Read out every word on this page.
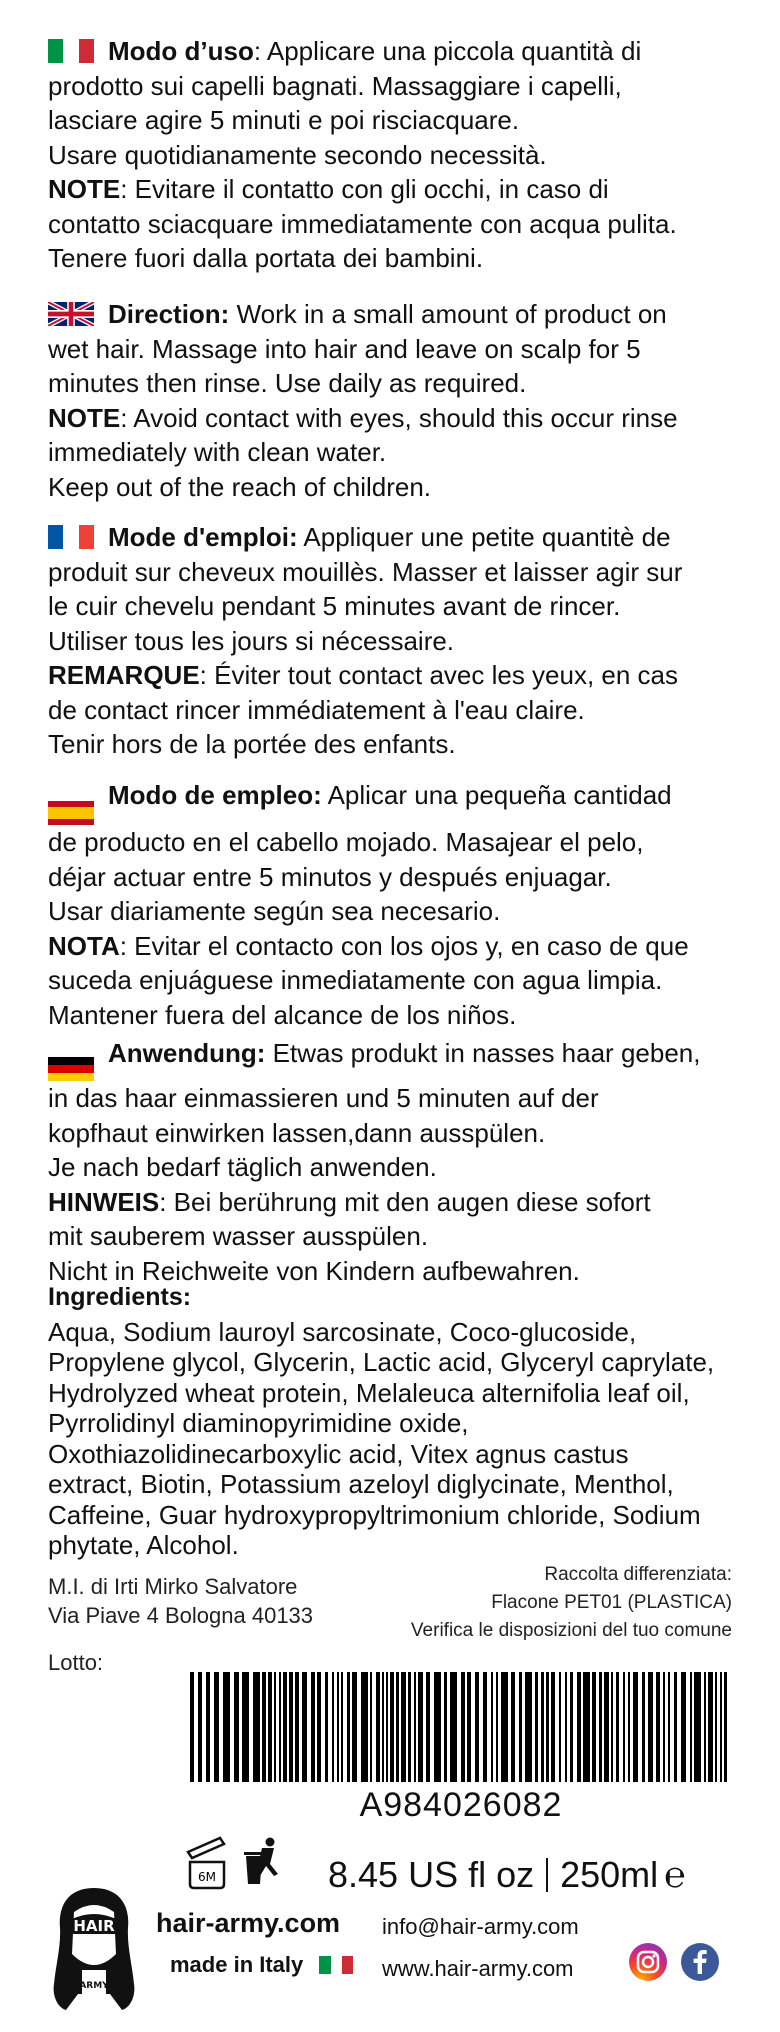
Modo d’uso: Applicare una piccola quantità di
prodotto sui capelli bagnati. Massaggiare i capelli,
lasciare agire 5 minuti e poi risciacquare.
Usare quotidianamente secondo necessità.
NOTE: Evitare il contatto con gli occhi, in caso di
contatto sciacquare immediatamente con acqua pulita.
Tenere fuori dalla portata dei bambini.
Direction: Work in a small amount of product on
wet hair. Massage into hair and leave on scalp for 5
minutes then rinse. Use daily as required.
NOTE: Avoid contact with eyes, should this occur rinse
immediately with clean water.
Keep out of the reach of children.
Mode d'emploi: Appliquer une petite quantitè de
produit sur cheveux mouillès. Masser et laisser agir sur
le cuir chevelu pendant 5 minutes avant de rincer.
Utiliser tous les jours si nécessaire.
REMARQUE: Éviter tout contact avec les yeux, en cas
de contact rincer immédiatement à l'eau claire.
Tenir hors de la portée des enfants.
Modo de empleo: Aplicar una pequeña cantidad
de producto en el cabello mojado. Masajear el pelo,
déjar actuar entre 5 minutos y después enjuagar.
Usar diariamente según sea necesario.
NOTA: Evitar el contacto con los ojos y, en caso de que
suceda enjuáguese inmediatamente con agua limpia.
Mantener fuera del alcance de los niños.
Anwendung: Etwas produkt in nasses haar geben,
in das haar einmassieren und 5 minuten auf der
kopfhaut einwirken lassen,dann ausspülen.
Je nach bedarf täglich anwenden.
HINWEIS: Bei berührung mit den augen diese sofort
mit sauberem wasser ausspülen.
Nicht in Reichweite von Kindern aufbewahren.
Ingredients:
Aqua, Sodium lauroyl sarcosinate, Coco-glucoside,
Propylene glycol, Glycerin, Lactic acid, Glyceryl caprylate,
Hydrolyzed wheat protein, Melaleuca alternifolia leaf oil,
Pyrrolidinyl diaminopyrimidine oxide,
Oxothiazolidinecarboxylic acid, Vitex agnus castus
extract, Biotin, Potassium azeloyl diglycinate, Menthol,
Caffeine, Guar hydroxypropyltrimonium chloride, Sodium
phytate, Alcohol.
M.I. di Irti Mirko Salvatore
Via Piave 4 Bologna 40133
Raccolta differenziata:
Flacone PET01 (PLASTICA)
Verifica le disposizioni del tuo comune
Lotto:
A984026082
6M	8.45 US fl oz 250ml ℮
HAIR
ARMY
hair-army.com
made in Italy
info@hair-army.com
www.hair-army.com
